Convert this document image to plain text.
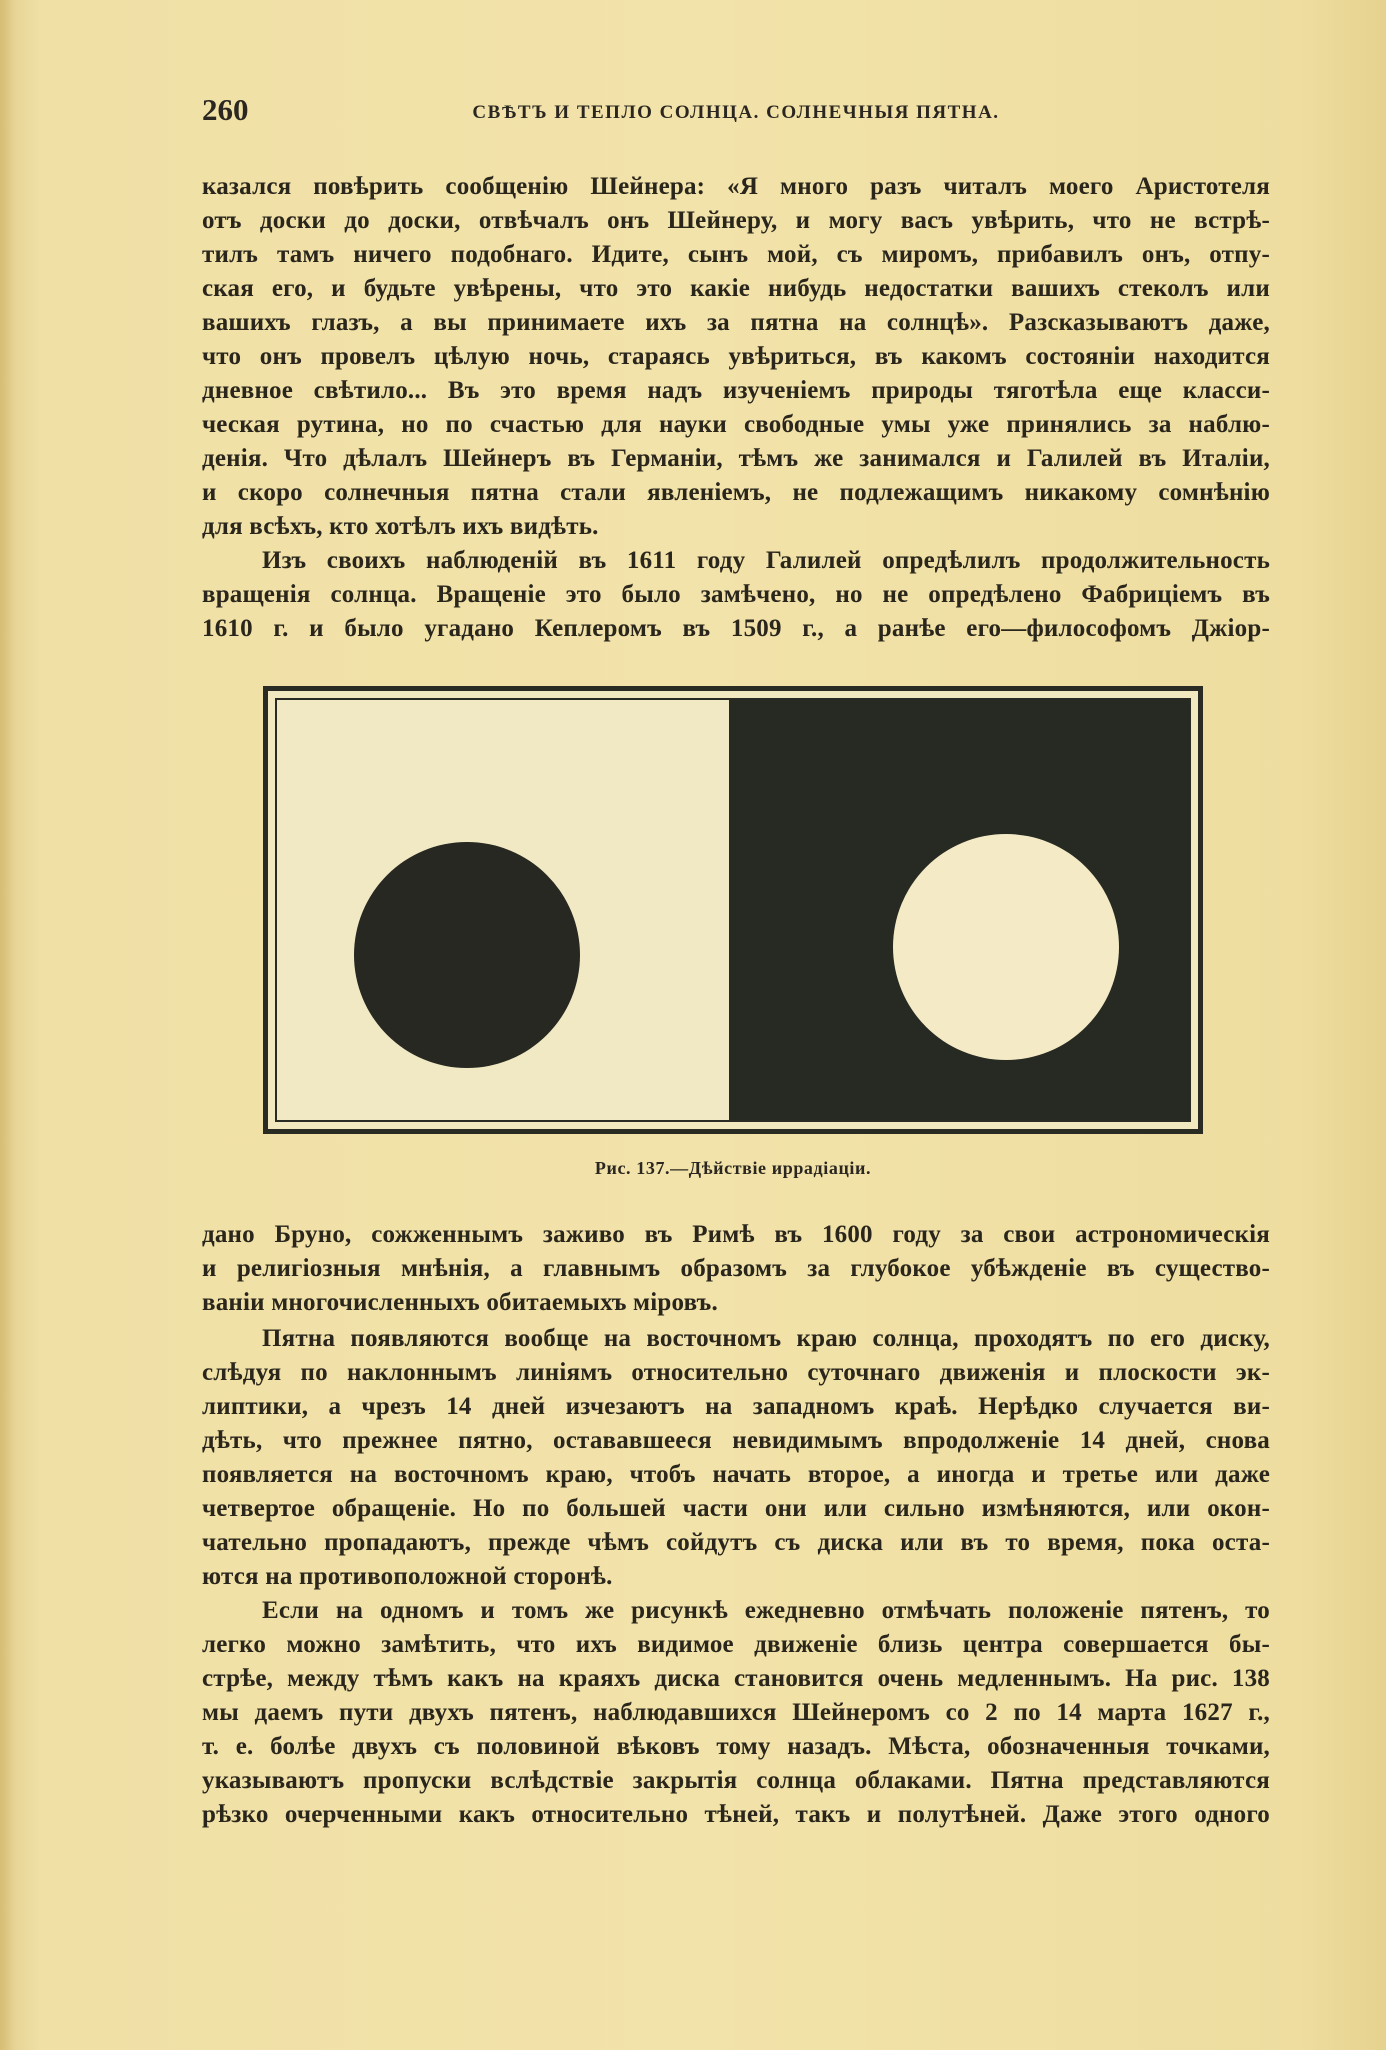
260	СВѢТЪ И ТЕПЛО СОЛНЦА. СОЛНЕЧНЫЯ ПЯТНА.
казался повѣрить сообщенію Шейнера: «Я много разъ читалъ моего Аристотеля
отъ доски до доски, отвѣчалъ онъ Шейнеру, и могу васъ увѣрить, что не встрѣ-
тилъ тамъ ничего подобнаго. Идите, сынъ мой, съ миромъ, прибавилъ онъ, отпу-
ская его, и будьте увѣрены, что это какіе нибудь недостатки вашихъ стеколъ или
вашихъ глазъ, а вы принимаете ихъ за пятна на солнцѣ». Разсказываютъ даже,
что онъ провелъ цѣлую ночь, стараясь увѣриться, въ какомъ состояніи находится
дневное свѣтило... Въ это время надъ изученіемъ природы тяготѣла еще класси-
ческая рутина, но по счастью для науки свободные умы уже принялись за наблю-
денія. Что дѣлалъ Шейнеръ въ Германіи, тѣмъ же занимался и Галилей въ Италіи,
и скоро солнечныя пятна стали явленіемъ, не подлежащимъ никакому сомнѣнію
для всѣхъ, кто хотѣлъ ихъ видѣть.
Изъ своихъ наблюденій въ 1611 году Галилей опредѣлилъ продолжительность
вращенія солнца. Вращеніе это было замѣчено, но не опредѣлено Фабриціемъ въ
1610 г. и было угадано Кеплеромъ въ 1509 г., а ранѣе его—философомъ Джіор-
Рис. 137.—Дѣйствіе иррадіаціи.
дано Бруно, сожженнымъ заживо въ Римѣ въ 1600 году за свои астрономическія
и религіозныя мнѣнія, а главнымъ образомъ за глубокое убѣжденіе въ существо-
ваніи многочисленныхъ обитаемыхъ міровъ.
Пятна появляются вообще на восточномъ краю солнца, проходятъ по его диску,
слѣдуя по наклоннымъ линіямъ относительно суточнаго движенія и плоскости эк-
липтики, а чрезъ 14 дней изчезаютъ на западномъ краѣ. Нерѣдко случается ви-
дѣть, что прежнее пятно, остававшееся невидимымъ впродолженіе 14 дней, снова
появляется на восточномъ краю, чтобъ начать второе, а иногда и третье или даже
четвертое обращеніе. Но по большей части они или сильно измѣняются, или окон-
чательно пропадаютъ, прежде чѣмъ сойдутъ съ диска или въ то время, пока оста-
ются на противоположной сторонѣ.
Если на одномъ и томъ же рисункѣ ежедневно отмѣчать положеніе пятенъ, то
легко можно замѣтить, что ихъ видимое движеніе близь центра совершается бы-
стрѣе, между тѣмъ какъ на краяхъ диска становится очень медленнымъ. На рис. 138
мы даемъ пути двухъ пятенъ, наблюдавшихся Шейнеромъ со 2 по 14 марта 1627 г.,
т. е. болѣе двухъ съ половиной вѣковъ тому назадъ. Мѣста, обозначенныя точками,
указываютъ пропуски вслѣдствіе закрытія солнца облаками. Пятна представляются
рѣзко очерченными какъ относительно тѣней, такъ и полутѣней. Даже этого одного
